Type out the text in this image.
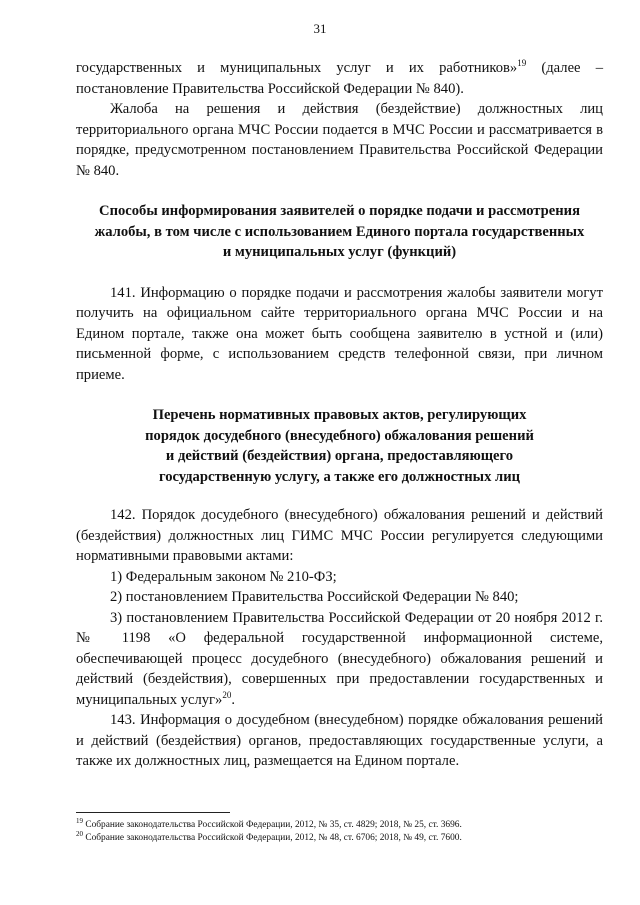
31

государственных и муниципальных услуг и их работников»$^{19}$ (далее – постановление Правительства Российской Федерации № 840).

Жалоба на решения и действия (бездействие) должностных лиц территориального органа МЧС России подается в МЧС России и рассматривается в порядке, предусмотренном постановлением Правительства Российской Федерации № 840.

Способы информирования заявителей о порядке подачи и рассмотрения
жалобы, в том числе с использованием Единого портала государственных
и муниципальных услуг (функций)

141. Информацию о порядке подачи и рассмотрения жалобы заявители могут получить на официальном сайте территориального органа МЧС России и на Едином портале, также она может быть сообщена заявителю в устной и (или) письменной форме, с использованием средств телефонной связи, при личном приеме.

Перечень нормативных правовых актов, регулирующих
порядок досудебного (внесудебного) обжалования решений
и действий (бездействия) органа, предоставляющего
государственную услугу, а также его должностных лиц

142. Порядок досудебного (внесудебного) обжалования решений и действий (бездействия) должностных лиц ГИМС МЧС России регулируется следующими нормативными правовыми актами:

1) Федеральным законом № 210-ФЗ;

2) постановлением Правительства Российской Федерации № 840;

3) постановлением Правительства Российской Федерации от 20 ноября 2012 г. № 1198 «О федеральной государственной информационной системе, обеспечивающей процесс досудебного (внесудебного) обжалования решений и действий (бездействия), совершенных при предоставлении государственных и муниципальных услуг»$^{20}$.

143. Информация о досудебном (внесудебном) порядке обжалования решений и действий (бездействия) органов, предоставляющих государственные услуги, а также их должностных лиц, размещается на Едином портале.

$^{19}$ Собрание законодательства Российской Федерации, 2012, № 35, ст. 4829; 2018, № 25, ст. 3696.
$^{20}$ Собрание законодательства Российской Федерации, 2012, № 48, ст. 6706; 2018, № 49, ст. 7600.
